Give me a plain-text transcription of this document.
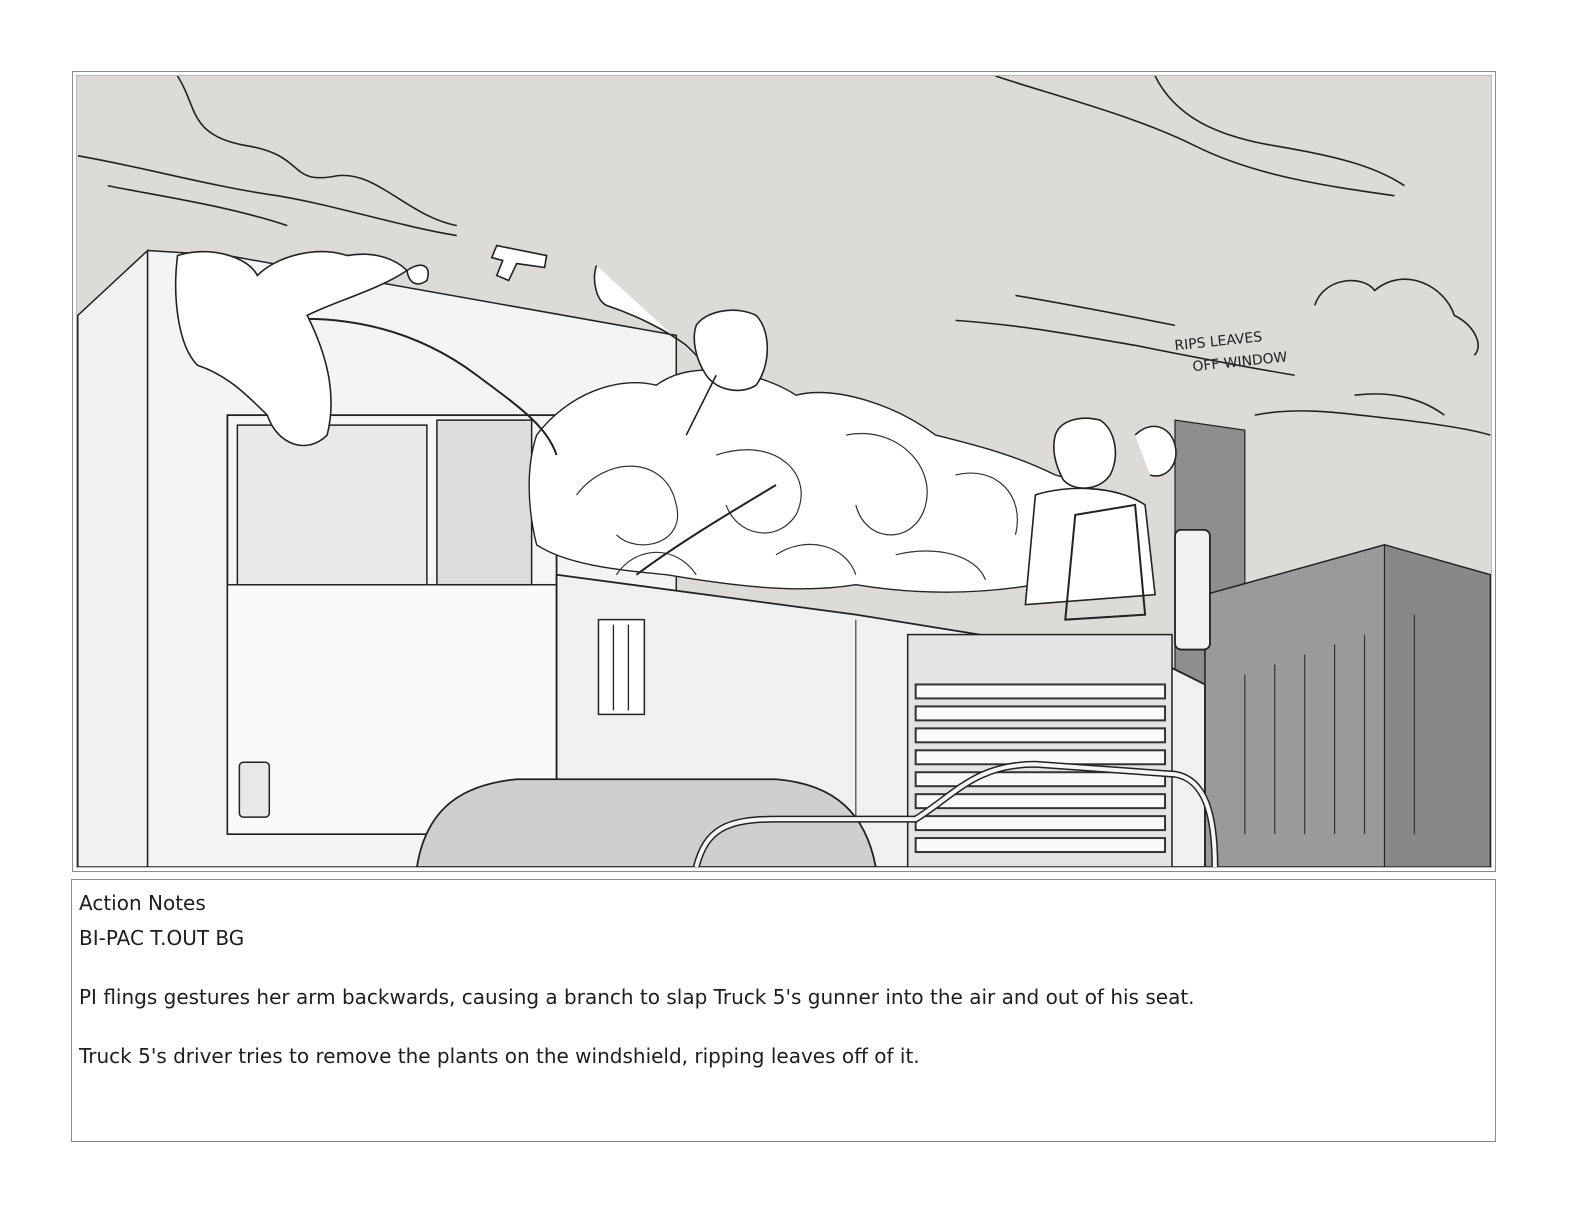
RIPS LEAVES
OFF WINDOW
Action Notes
BI-PAC T.OUT BG
PI flings gestures her arm backwards, causing a branch to slap Truck 5's gunner into the air and out of his seat.
Truck 5's driver tries to remove the plants on the windshield, ripping leaves off of it.
